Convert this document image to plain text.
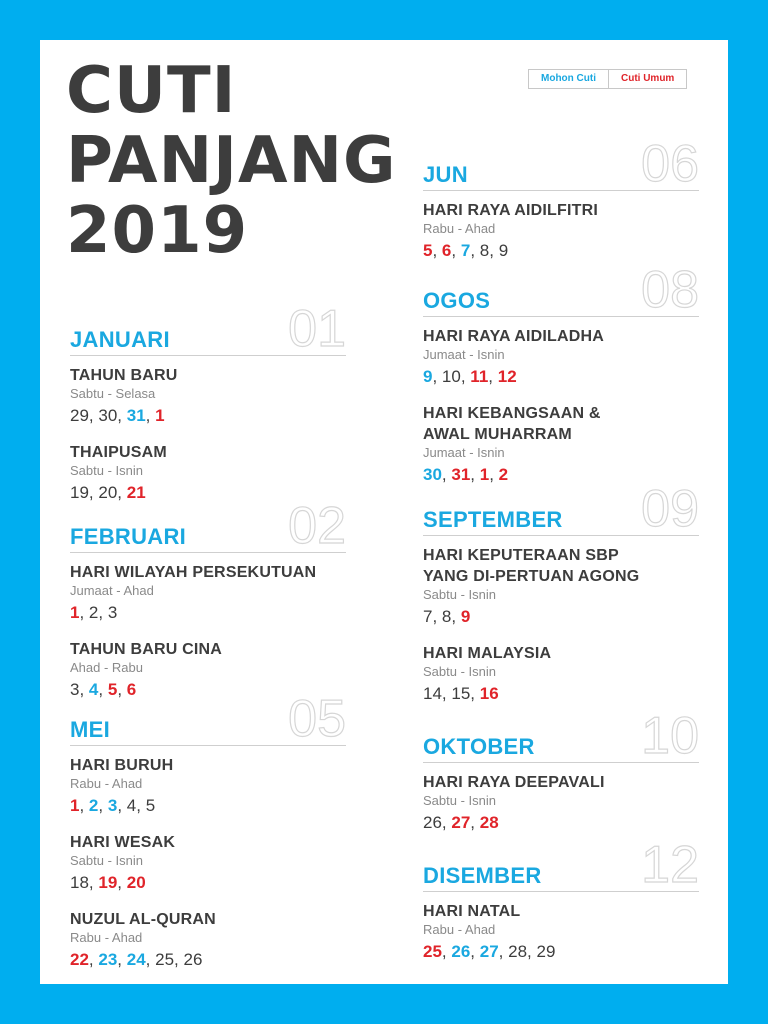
CUTI
PANJANG
2019
Mohon Cuti	Cuti Umum
JANUARI 01
TAHUN BARU
Sabtu - Selasa
29, 30, 31, 1
THAIPUSAM
Sabtu - Isnin
19, 20, 21
FEBRUARI 02
HARI WILAYAH PERSEKUTUAN
Jumaat - Ahad
1, 2, 3
TAHUN BARU CINA
Ahad - Rabu
3, 4, 5, 6
MEI	05
HARI BURUH
Rabu - Ahad
1, 2, 3, 4, 5
HARI WESAK
Sabtu - Isnin
18, 19, 20
NUZUL AL-QURAN
Rabu - Ahad
22, 23, 24, 25, 26
JUN	06
HARI RAYA AIDILFITRI
Rabu - Ahad
5, 6, 7, 8, 9
OGOS	08
HARI RAYA AIDILADHA
Jumaat - Isnin
9, 10, 11, 12
HARI KEBANGSAAN &
AWAL MUHARRAM
Jumaat - Isnin
30, 31, 1, 2
SEPTEMBER 09
HARI KEPUTERAAN SBP
YANG DI-PERTUAN AGONG
Sabtu - Isnin
7, 8, 9
HARI MALAYSIA
Sabtu - Isnin
14, 15, 16
OKTOBER 10
HARI RAYA DEEPAVALI
Sabtu - Isnin
26, 27, 28
DISEMBER 12
HARI NATAL
Rabu - Ahad
25, 26, 27, 28, 29
